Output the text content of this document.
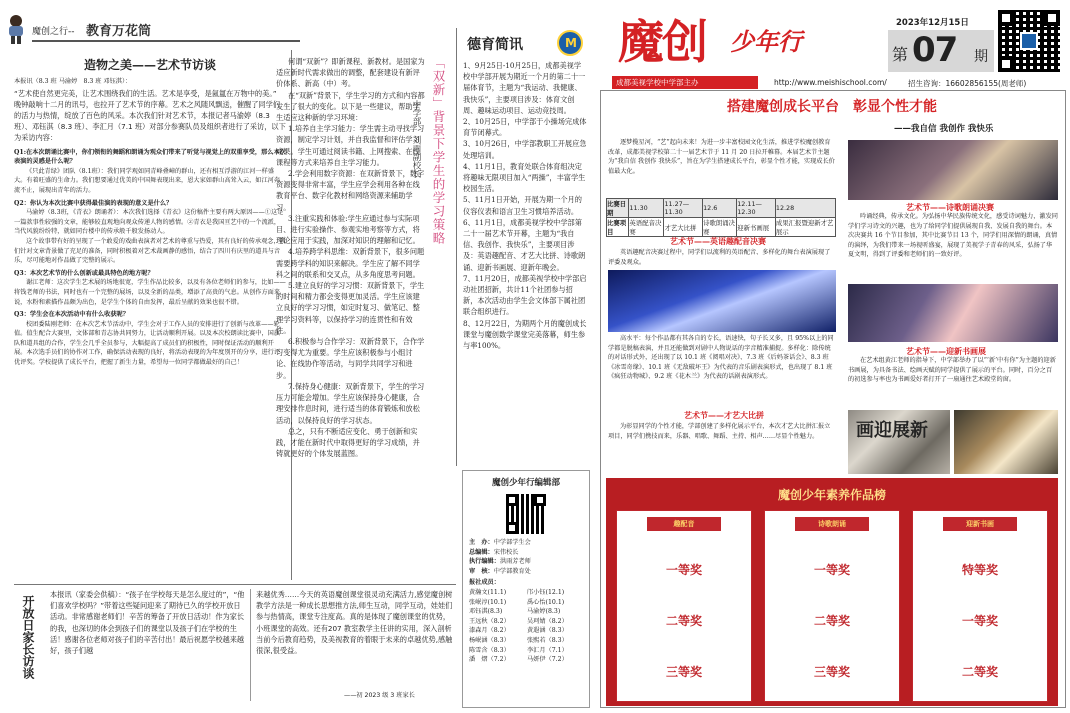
魔创之行-- 教育万花筒
造物之美——艺术节访谈
本报讯（8.3 班 马渝婷　8.3 班 邓钰淇）：
“艺术使自然更完美，让艺术围绕我们的生活。艺术是享受，是氤氲在万物中的美。” 晚钟敲响十二月的讯号，也拉开了艺术节的序幕。艺术之风随风飘送，催醒了同学们的活力与热情，绽放了百色的风采。本次我们针对艺术节，本报记者马渝婷（8.3 班）、邓钰淇（8.3 班）、李汇月（7.1 班）对部分参赛队员及组织者进行了采访，以下为采访内容：
Q1:在本次朗诵比赛中，你们领衔的舞蹈和朗诵为观众们带来了听觉与视觉上的双重享受，那么本次表演的灵感是什么呢？
《只此青绿》团队（8.1班）：我们同学观如同青峰叠嶂的群山，还有相互浮游的江河一样盛大。有着旺盛的生命力。我们想要通过优美的中国舞表现出来，恩大家如群山高耸入云，如江河奔流不止，展现出青年的活力。
Q2：你认为本次比赛中获得最佳演的表现的意义是什么？
马渝婷（8.3班，《青衣》朗诵者）：本次我们选择《青衣》这份稿件主要有两大原因——①这是一篇款事性较强的文章，能够较直观地向观众传递人物的感情。②青衣是我国亘艺中的一个流派，当代风貌纷纷特，就如同台楼中的传承般千般发扬动人。
这个故事带有好的呈现了一个敢爱的戏曲表演者对艺术的尊重与热爱，其有良好的传承观念，我们针对文章背景做了充足的准备，同时积极着对艺术裁画静的感悟，结合了四川有庆里的道具与音乐，尽可能地对作品做了完整的展示。
Q3：本次艺术节的什么创新或最具特色的地方呢？
谢江老师：这次学生艺术展的场地很宽，学生作品比较多，以及有各位老师们的参与，比如——将钱老师的书法，同时也有一个完整的展场，以及全新的品类，增添了高贵的气息。从创作方面来说，水粉和素描作品颇为出色，是学生个体的自由发挥，最后呈献的效果也很不错。
Q3：学生会在本次活动中有什么收获呢？
校团委陆刚老师：在本次艺术节活动中，学生会对于工作人员的安排进行了创新与改革——轮值。值生配合大赛里，文体部和青志协共同努力，让活动顺利开展。以及本次校朗读比赛中，国旗队和道具组的合作，学生会几乎全员参与，大幅提高了成员们的积极性，同时保证活动的顺利开展。本次选手员们的协作对工作，确保活动表现的良好，将活动表现的为年度别开的分享，进行评优评奖。学校提供了成长平台，把握了新生力量，希望每一位同学都做最好的自己！
何谓“双新”？即新课程、新教材。是国家为适应新时代需求做出的调整，配套建设有新评价体系、新高（中）考。
在“双新”背景下，学生学习的方式和内容都发生了很大的变化。以下是一些建议，帮助学生适应这种新的学习环境：
1.培养自主学习能力：学生需主动寻找学习资源，制定学习计划，并自我监督和评估学习成果。学生可通过阅读书籍、上网搜索、在线课程等方式来培养自主学习能力。
2.学会利用数字资源：在双新背景下，数字资源变得非常丰富，学生应学会利用各种在线教育平台、数字化教材和网络资源来辅助学习。
3.注重实践和体验:学生应通过参与实际项目、进行实验操作、参观实地考察等方式，将理论应用于实践，加深对知识的理解和记忆。
4.培养跨学科思维：双新背景下，很多问题需要跨学科的知识来解决。学生应了解不同学科之间的联系和交叉点，从多角度思考问题。
5.建立良好的学习习惯：双新背景下，学生的时间和精力都会变得更加灵活。学生应该建立良好的学习习惯，如定时复习、做笔记、整理学习资料等，以保持学习的连贯性和有效性。
6.积极参与合作学习：双新背景下，合作学习变得尤为重要。学生应该积极参与小组讨论、在线协作等活动，与同学共同学习和进步。
7.保持身心健康：双新背景下，学生的学习压力可能会增加。学生应该保持身心健康，合理安排作息时间，进行适当的体育锻炼和放松活动，以保持良好的学习状态。
总之，只有不断适应变化、勇于创新和实践，才能在新时代中取得更好的学习成绩，并铸就更好的个体发展蓝图。
「双新」背景下学生的学习策略
中学部 刘雨副校长
德育简讯	M
1、9月25日-10月25日，成都美视学校中学部开展为期近一个月的第二十一届体育节，主题为“我运动、我健康、我快乐”，主要项目涉及：体育文创周、趣味运动项目、运动竞技周。
2、10月25日，中学部于小操场完成体育节闭幕式。
3、10月26日，中学部教职工开展应急处理培训。
4、11月1日，教育处联合体育组决定将趣味无限项目加入“两操”，丰富学生校园生活。
5、11月1日开始，开展为期一个月的仪容仪表和语言卫生习惯培养活动。
6、11月1日，成都美视学校中学部第二十一届艺术节开幕，主题为“我自信、我创作、我快乐”，主要项目涉及：英语趣配音、才艺大比拼、诗歌朗诵、迎新书画展、迎新年晚会。
7、11月20日，成都美视学校中学部启动社团招新，共计11个社团参与招新，本次活动由学生会文体部下属社团联合组织进行。
8、12月22日，为期两个月的魔创成长课堂与魔创数学课堂完美落幕，师生参与率100%。
魔创少年行编辑部
主　办：中学部学生会
总编辑：宋伟校长
执行编辑：洪雨芳老师
审　核：中学部教育处
报社成员：
黄瀚文(11.1)	邝小钰(12.1)
张岷淳(10.1)	禹心怡(10.1)
邓钰淇(8.3)	马渝婷(8.3)
王远秋（8.2）	吴珂婧（8.2）
漆森月（8.2）	黄遐涵（8.3）
杨岷涵（8.3）	张熙若（8.3）
陈雪含（8.3）	李汇月（7.1）
潘　熠（7.2）	马妍伊（7.2）
开放日家长访谈
本报讯（家委会供稿）：“孩子在学校每天是怎么度过的”，“他们喜欢学校吗？”带着这些疑问迎来了期待已久的学校开放日活动。非常感谢老师们！辛苦的筹备了开放日活动！作为家长的我，也深切的体会到孩子们的课堂以及孩子们在学校的生活！感谢各位老师对孩子们的辛苦付出！最后祝愿学校越来越好，孩子们越
来越优秀……今天的英语魔创课堂很灵动充满活力,感觉魔创树教学方法是一种成长思想推方法,师生互动，同学互动，娃娃们参与热情高，课堂专注度高。真的是体现了魔创课堂的优势，小班课堂的高效。还有207 教室教学主任讲的实用，深入剖析当前今后教育趋势，及美视教育的着眼于未来的卓越优势,感触很深,很受益。
——初 2023 级 3 班家长
魔创 少年行
2023年12月15日
第 07 期
成都美视学校中学部主办	http://www.meishischool.com/	招生咨询：16602856155(周老师)
搭建魔创成长平台　彰显个性才能
——我自信 我创作 我快乐
逐梦揽星河，“艺”起向未来！为进一步丰富校园文化生活，推进学校魔创教育改革，成都美视学校第二十一届艺术节于 11 月 20 日拉开帷幕。本届艺术节主题为“我自信 我创作 我快乐”，旨在为学生搭建成长平台，彰显个性才能，实现成长价值最大化。
比赛日期	11.30	11.27—11.30	12.6	12.11—12.30	12.28
比赛项目	英语配音决赛	才艺大比拼	诗歌朗诵决赛	迎新书画展	成果汇报暨迎新才艺展示
艺术节——英语趣配音决赛
英语趣配音决赛过程中，同学们以流利的英语配音、多样化的舞台表演展现了评委及观众。
高水平：每个作品都有其各自的专长，语速快，句子长又多，且 95%以上的同学都是脱稿表演，并且还能做到对剧中人物说话的字音精准捕捉。多样化：除传统的对话形式外，还出现了以 10.1 班《阅唱对决》、7.3 班《后妈茶话会》、8.3 班《冰雪奇缘》、10.1 班《无敌破坏王》为代表的音乐剧表演形式，也出现了 8.1 班《疯狂动物城》、9.2 班《花木兰》为代表的话剧表演形式。
艺术节——才艺大比拼
为彰显同学的个性才能，学部创建了多样化展示平台，本次才艺大比拼汇报立项目，同学们携技而来，乐器、唱歌、舞蹈、主持、相声……尽显个性魅力。
艺术节——诗歌朗诵决赛
吟诵经典，传承文化。为弘扬中华民族传统文化，感受诗词魅力，激发同学们学习诗文的兴趣，也为了给同学们提供展现自我、发展自我的舞台。本次决赛共 16 个节目参加，其中比赛节目 13 个，同学们用深情的朗诵，真情的演绎，为我们带来一场视听盛宴，展现了美视学子青春的风采，弘扬了华夏文明，得到了评委和老师们的一致好评。
艺术节——迎新书画展
在艺术组黄江老师的指导下，中学部举办了以“‘新’中有你”为主题的迎新书画展，为具备书法、绘画天赋的同学提供了展示的平台。同时，百分之百的初选参与率也为书画爱好者打开了一扇通往艺术殿堂的窗。
画迎展新
魔创少年素养作品榜
趣配音
一等奖
二等奖
三等奖
诗歌朗诵
一等奖
二等奖
三等奖
迎新书画
特等奖
一等奖
二等奖
